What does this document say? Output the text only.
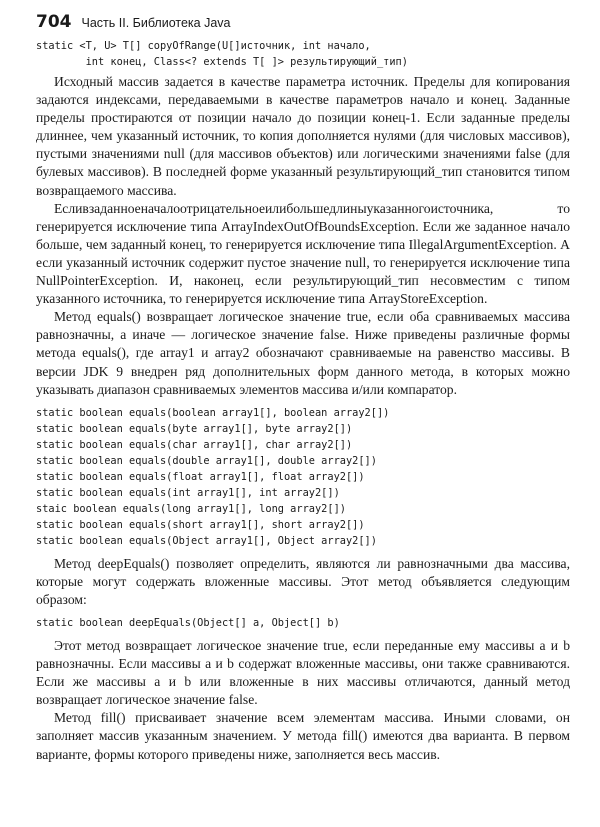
704 Часть II. Библиотека Java
static <T, U> T[] copyOfRange(U[]источник, int начало,
int конец, Class<? extends T[ ]> результирующий_тип)

Исходный массив задается в качестве параметра источник. Пределы для копирования задаются индексами, передаваемыми в качестве параметров начало и конец. Заданные пределы простираются от позиции начало до позиции конец-1. Если заданные пределы длиннее, чем указанный источник, то копия дополняется нулями (для числовых массивов), пустыми значениями null (для массивов объектов) или логическими значениями false (для булевых массивов). В последней форме указанный результирующий_тип становится типом возвращаемого массива.

Есливзаданноеначалоотрицательноеилибольшедлиныуказанногоисточника, то генерируется исключение типа ArrayIndexOutOfBoundsException. Если же заданное начало больше, чем заданный конец, то генерируется исключение типа IllegalArgumentException. А если указанный источник содержит пустое значение null, то генерируется исключение типа NullPointerException. И, наконец, если результирующий_тип несовместим с типом указанного источника, то генерируется исключение типа ArrayStoreException.

Метод equals() возвращает логическое значение true, если оба сравниваемых массива равнозначны, а иначе — логическое значение false. Ниже приведены различные формы метода equals(), где array1 и array2 обозначают сравниваемые на равенство массивы. В версии JDK 9 внедрен ряд дополнительных форм данного метода, в которых можно указывать диапазон сравниваемых элементов массива и/или компаратор.

static boolean equals(boolean array1[], boolean array2[])
static boolean equals(byte array1[], byte array2[])
static boolean equals(char array1[], char array2[])
static boolean equals(double array1[], double array2[])
static boolean equals(float array1[], float array2[])
static boolean equals(int array1[], int array2[])
staic boolean equals(long array1[], long array2[])
static boolean equals(short array1[], short array2[])
static boolean equals(Object array1[], Object array2[])

Метод deepEquals() позволяет определить, являются ли равнозначными два массива, которые могут содержать вложенные массивы. Этот метод объявляется следующим образом:

static boolean deepEquals(Object[] a, Object[] b)

Этот метод возвращает логическое значение true, если переданные ему массивы a и b равнозначны. Если массивы a и b содержат вложенные массивы, они также сравниваются. Если же массивы a и b или вложенные в них массивы отличаются, данный метод возвращает логическое значение false.

Метод fill() присваивает значение всем элементам массива. Иными словами, он заполняет массив указанным значением. У метода fill() имеются два варианта. В первом варианте, формы которого приведены ниже, заполняется весь массив.
